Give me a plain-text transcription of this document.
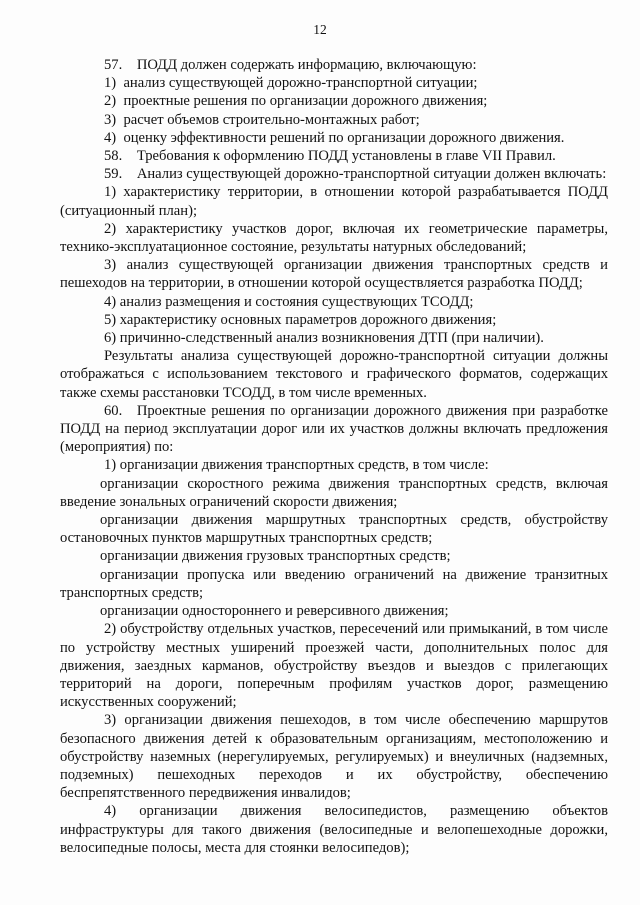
12

57. ПОДД должен содержать информацию, включающую:

1) анализ существующей дорожно-транспортной ситуации;

2) проектные решения по организации дорожного движения;

3) расчет объемов строительно-монтажных работ;

4) оценку эффективности решений по организации дорожного движения.

58. Требования к оформлению ПОДД установлены в главе VII Правил.

59. Анализ существующей дорожно-транспортной ситуации должен включать:

1) характеристику территории, в отношении которой разрабатывается ПОДД (ситуационный план);

2) характеристику участков дорог, включая их геометрические параметры, технико-эксплуатационное состояние, результаты натурных обследований;

3) анализ существующей организации движения транспортных средств и пешеходов на территории, в отношении которой осуществляется разработка ПОДД;

4) анализ размещения и состояния существующих ТСОДД;

5) характеристику основных параметров дорожного движения;

6) причинно-следственный анализ возникновения ДТП (при наличии).

Результаты анализа существующей дорожно-транспортной ситуации должны отображаться с использованием текстового и графического форматов, содержащих также схемы расстановки ТСОДД, в том числе временных.

60. Проектные решения по организации дорожного движения при разработке ПОДД на период эксплуатации дорог или их участков должны включать предложения (мероприятия) по:

1) организации движения транспортных средств, в том числе:

организации скоростного режима движения транспортных средств, включая введение зональных ограничений скорости движения;

организации движения маршрутных транспортных средств, обустройству остановочных пунктов маршрутных транспортных средств;

организации движения грузовых транспортных средств;

организации пропуска или введению ограничений на движение транзитных транспортных средств;

организации одностороннего и реверсивного движения;

2) обустройству отдельных участков, пересечений или примыканий, в том числе по устройству местных уширений проезжей части, дополнительных полос для движения, заездных карманов, обустройству въездов и выездов с прилегающих территорий на дороги, поперечным профилям участков дорог, размещению искусственных сооружений;

3) организации движения пешеходов, в том числе обеспечению маршрутов безопасного движения детей к образовательным организациям, местоположению и обустройству наземных (нерегулируемых, регулируемых) и внеуличных (надземных, подземных) пешеходных переходов и их обустройству, обеспечению беспрепятственного передвижения инвалидов;

4) организации движения велосипедистов, размещению объектов инфраструктуры для такого движения (велосипедные и велопешеходные дорожки, велосипедные полосы, места для стоянки велосипедов);
